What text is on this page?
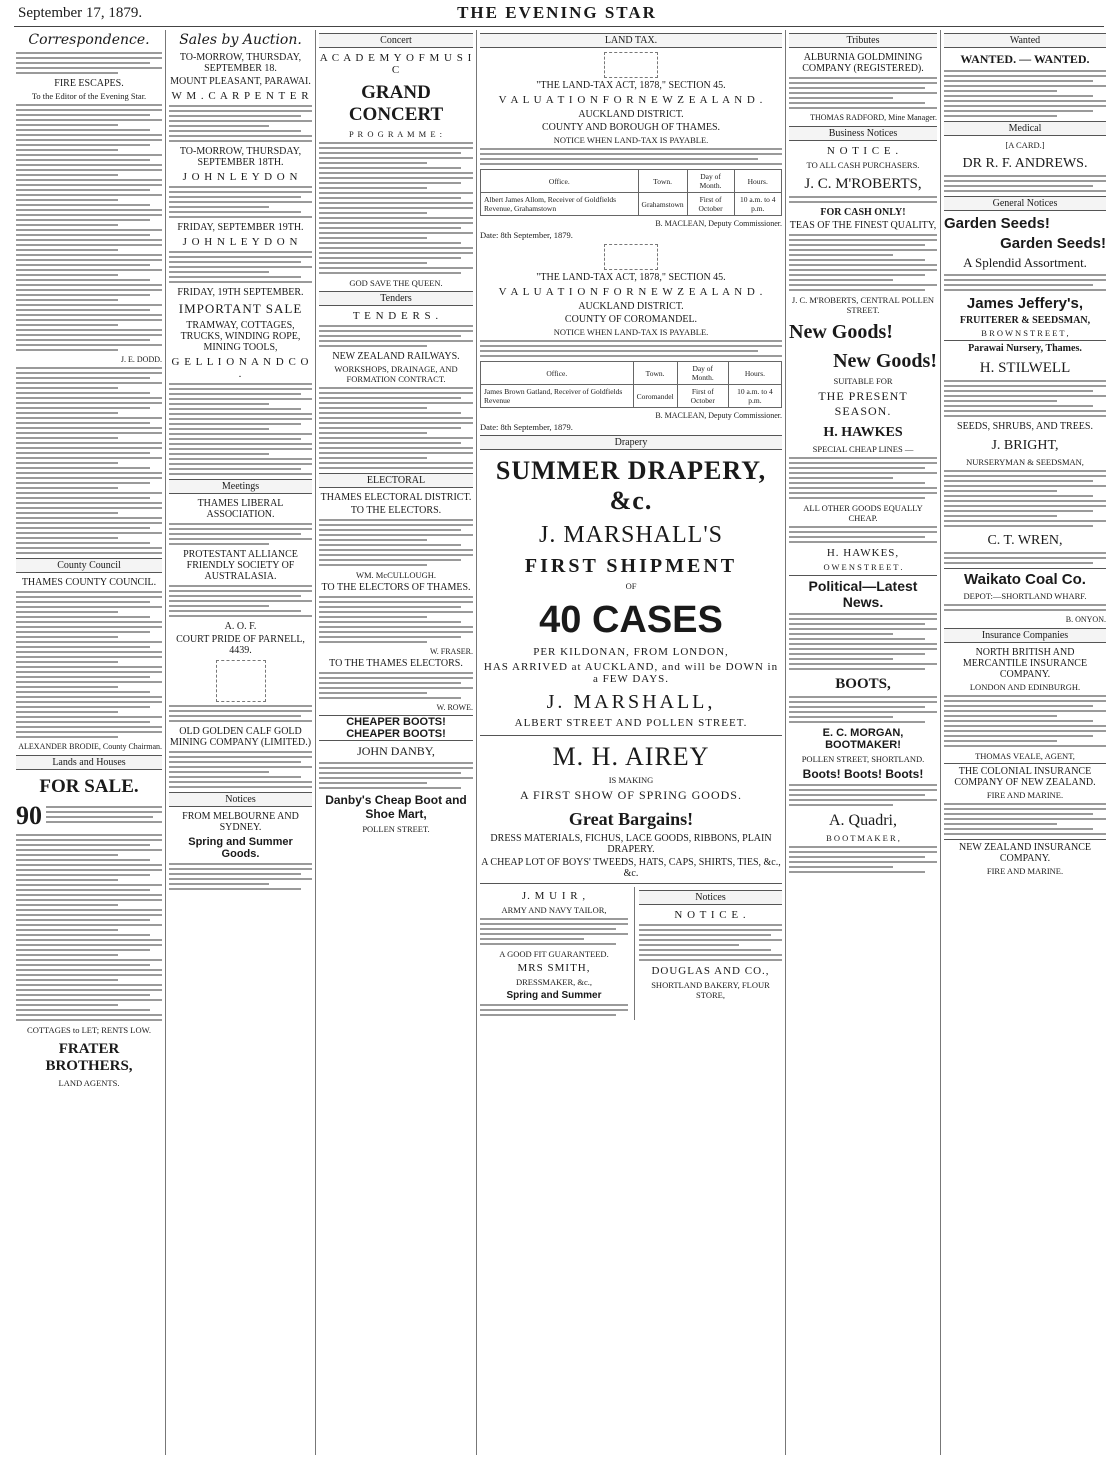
September 17, 1879.	THE EVENING STAR
Correspondence.
FIRE ESCAPES.
To the Editor of the Evening Star.
J. E. DODD.
County Council
THAMES COUNTY COUNCIL.
ALEXANDER BRODIE, County Chairman.
Lands and Houses
FOR SALE.
90
COTTAGES to LET; RENTS LOW.
FRATER BROTHERS,
LAND AGENTS.
Sales by Auction.
TO-MORROW, THURSDAY, SEPTEMBER 18.
MOUNT PLEASANT, PARAWAI.
W M . C A R P E N T E R
TO-MORROW, THURSDAY, SEPTEMBER 18TH.
J O H N L E Y D O N
FRIDAY, SEPTEMBER 19TH.
J O H N L E Y D O N
FRIDAY, 19TH SEPTEMBER.
IMPORTANT SALE
TRAMWAY, COTTAGES, TRUCKS, WINDING ROPE, MINING TOOLS,
G E L L I O N A N D C O .
Meetings
THAMES LIBERAL ASSOCIATION.
PROTESTANT ALLIANCE FRIENDLY SOCIETY OF AUSTRALASIA.
A. O. F.
COURT PRIDE OF PARNELL, 4439.
OLD GOLDEN CALF GOLD MINING COMPANY (LIMITED.)
Notices
FROM MELBOURNE AND SYDNEY.
Spring and Summer Goods.
Concert
A C A D E M Y O F M U S I C
GRAND CONCERT
P R O G R A M M E :
GOD SAVE THE QUEEN.
Tenders
T E N D E R S .
NEW ZEALAND RAILWAYS.
WORKSHOPS, DRAINAGE, AND FORMATION CONTRACT.
ELECTORAL
THAMES ELECTORAL DISTRICT.
TO THE ELECTORS.
WM. McCULLOUGH.
TO THE ELECTORS OF THAMES.
W. FRASER.
TO THE THAMES ELECTORS.
W. ROWE.
CHEAPER BOOTS! CHEAPER BOOTS!
JOHN DANBY,
Danby's Cheap Boot and Shoe Mart,
POLLEN STREET.
LAND TAX.
"THE LAND-TAX ACT, 1878," SECTION 45.
V A L U A T I O N F O R N E W Z E A L A N D .
AUCKLAND DISTRICT.
COUNTY AND BOROUGH OF THAMES.
NOTICE WHEN LAND-TAX IS PAYABLE.
Office.	Town.	Day of Month.	Hours.
Albert James Allom, Receiver of Goldfields Revenue, Grahamstown	Grahamstown	First of October	10 a.m. to 4 p.m.
B. MACLEAN, Deputy Commissioner.
Date: 8th September, 1879.
"THE LAND-TAX ACT, 1878," SECTION 45.
V A L U A T I O N F O R N E W Z E A L A N D .
AUCKLAND DISTRICT.
COUNTY OF COROMANDEL.
NOTICE WHEN LAND-TAX IS PAYABLE.
Office.	Town.	Day of Month.	Hours.
James Brown Gatland, Receiver of Goldfields Revenue	Coromandel	First of October	10 a.m. to 4 p.m.
B. MACLEAN, Deputy Commissioner.
Date: 8th September, 1879.
Drapery
SUMMER DRAPERY, &c.
J. MARSHALL'S
FIRST SHIPMENT
OF
40 CASES
PER KILDONAN, FROM LONDON,
HAS ARRIVED at AUCKLAND, and will be DOWN in a FEW DAYS.
J. MARSHALL,
ALBERT STREET AND POLLEN STREET.
M. H. AIREY
IS MAKING
A FIRST SHOW OF SPRING GOODS.
Great Bargains!
DRESS MATERIALS, FICHUS, LACE GOODS, RIBBONS, PLAIN DRAPERY.
A CHEAP LOT OF BOYS' TWEEDS, HATS, CAPS, SHIRTS, TIES, &c., &c.
J. M U I R ,
ARMY AND NAVY TAILOR,
A GOOD FIT GUARANTEED.
MRS SMITH,
DRESSMAKER, &c.,
Spring and Summer
Notices
N O T I C E .
DOUGLAS AND CO.,
SHORTLAND BAKERY, FLOUR STORE,
Tributes
ALBURNIA GOLDMINING COMPANY (REGISTERED).
THOMAS RADFORD, Mine Manager.
Business Notices
N O T I C E .
TO ALL CASH PURCHASERS.
J. C. M'ROBERTS,
FOR CASH ONLY!
TEAS OF THE FINEST QUALITY,
J. C. M'ROBERTS, CENTRAL POLLEN STREET.
New Goods!
New Goods!
SUITABLE FOR
THE PRESENT SEASON.
H. HAWKES
SPECIAL CHEAP LINES —
ALL OTHER GOODS EQUALLY CHEAP.
H. HAWKES,
O W E N S T R E E T .
Political—Latest News.
BOOTS,
E. C. MORGAN, BOOTMAKER!
POLLEN STREET, SHORTLAND.
Boots! Boots! Boots!
A. Quadri,
B O O T M A K E R ,
Wanted
WANTED. — WANTED.
Medical
[A CARD.]
DR R. F. ANDREWS.
General Notices
Garden Seeds!
Garden Seeds!
A Splendid Assortment.
James Jeffery's,
FRUITERER & SEEDSMAN,
B R O W N S T R E E T ,
Parawai Nursery, Thames.
H. STILWELL
SEEDS, SHRUBS, AND TREES.
J. BRIGHT,
NURSERYMAN & SEEDSMAN,
C. T. WREN,
Waikato Coal Co.
DEPOT:—SHORTLAND WHARF.
B. ONYON.
Insurance Companies
NORTH BRITISH AND MERCANTILE INSURANCE COMPANY.
LONDON AND EDINBURGH.
THOMAS VEALE, AGENT,
THE COLONIAL INSURANCE COMPANY OF NEW ZEALAND.
FIRE AND MARINE.
NEW ZEALAND INSURANCE COMPANY.
FIRE AND MARINE.
